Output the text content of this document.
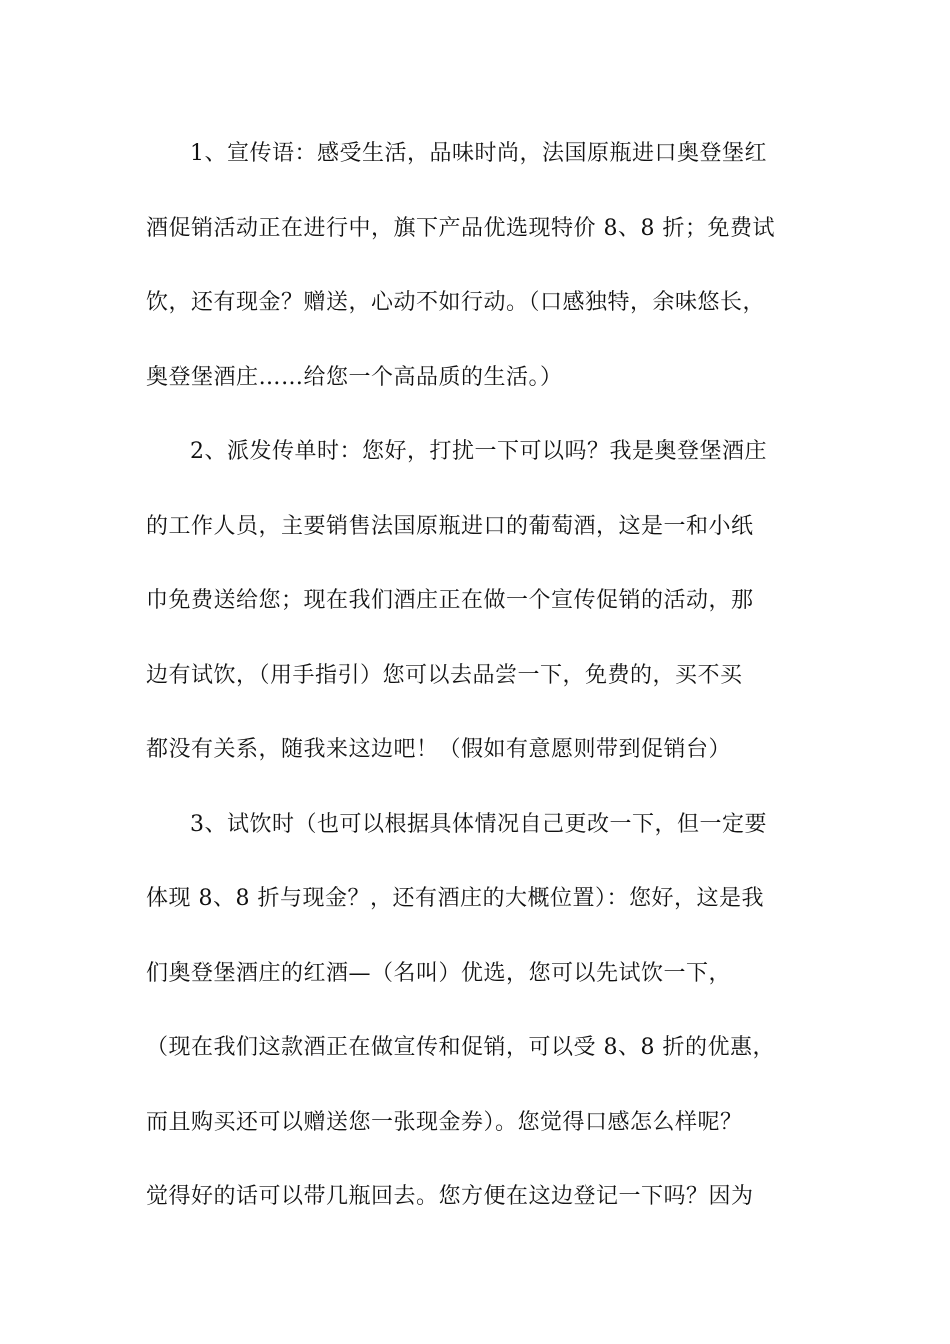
1、宣传语：感受生活，品味时尚，法国原瓶进口奥登堡红
酒促销活动正在进行中，旗下产品优选现特价 8、8 折；免费试
饮，还有现金？赠送，心动不如行动。（口感独特，余味悠长，
奥登堡酒庄……给您一个高品质的生活。）
2、派发传单时：您好，打扰一下可以吗？我是奥登堡酒庄
的工作人员，主要销售法国原瓶进口的葡萄酒，这是一和小纸
巾免费送给您；现在我们酒庄正在做一个宣传促销的活动，那
边有试饮，（用手指引）您可以去品尝一下，免费的，买不买
都没有关系，随我来这边吧！（假如有意愿则带到促销台）
3、试饮时（也可以根据具体情况自己更改一下，但一定要
体现 8、8 折与现金？，还有酒庄的大概位置）：您好，这是我
们奥登堡酒庄的红酒—（名叫）优选，您可以先试饮一下，
（现在我们这款酒正在做宣传和促销，可以受 8、8 折的优惠，
而且购买还可以赠送您一张现金券）。您觉得口感怎么样呢？
觉得好的话可以带几瓶回去。您方便在这边登记一下吗？因为
